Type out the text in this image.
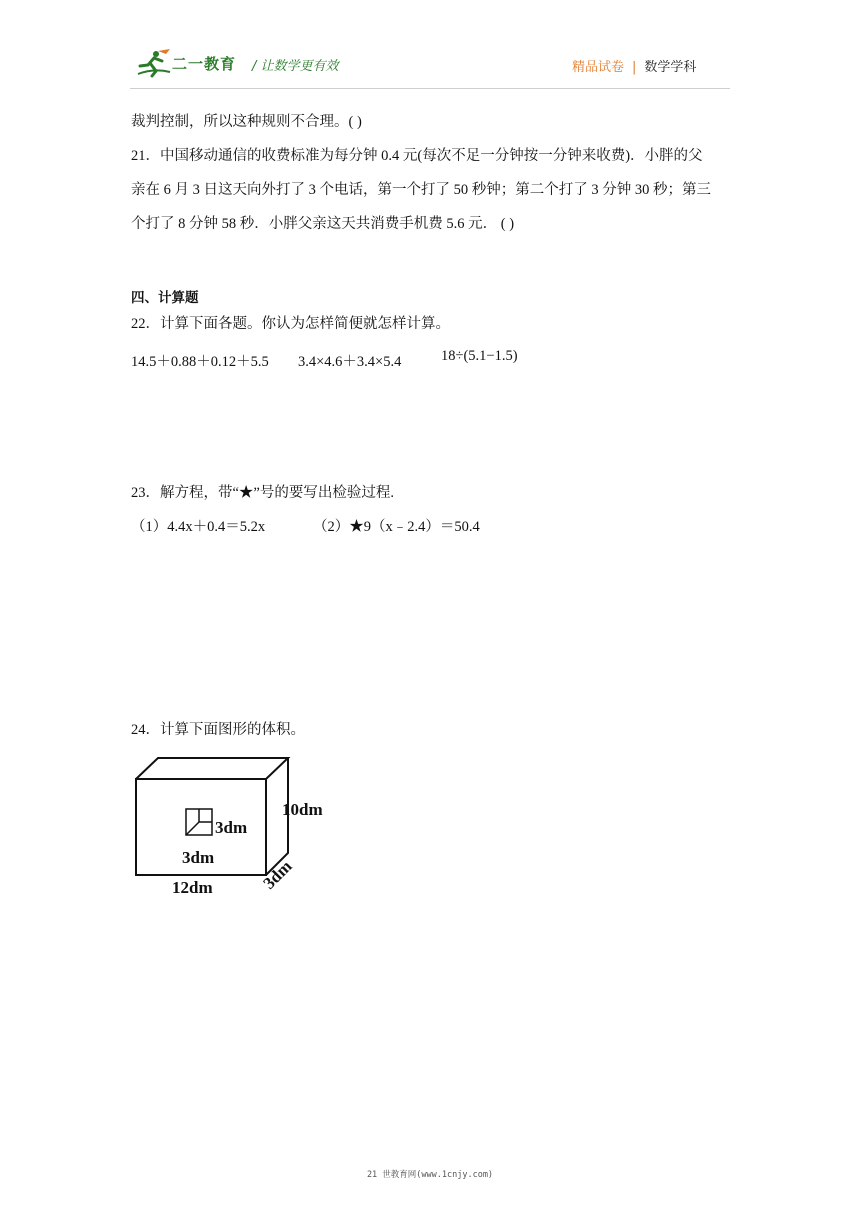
二一教育 / 让数学更有效	精品试卷 | 数学学科
裁判控制，所以这种规则不合理。( )
21．中国移动通信的收费标准为每分钟 0.4 元(每次不足一分钟按一分钟来收费)．小胖的父
亲在 6 月 3 日这天向外打了 3 个电话，第一个打了 50 秒钟；第二个打了 3 分钟 30 秒；第三
个打了 8 分钟 58 秒．小胖父亲这天共消费手机费 5.6 元． ( )
四、计算题
22．计算下面各题。你认为怎样简便就怎样计算。
14.5＋0.88＋0.12＋5.5 3.4×4.6＋3.4×5.4	18÷(5.1−1.5)
23．解方程，带“★”号的要写出检验过程.
（1）4.4x＋0.4＝5.2x	（2）★9（x﹣2.4）＝50.4
24．计算下面图形的体积。
10dm
3dm
3dm
12dm	3dm
21 世教育网(www.1cnjy.com)
